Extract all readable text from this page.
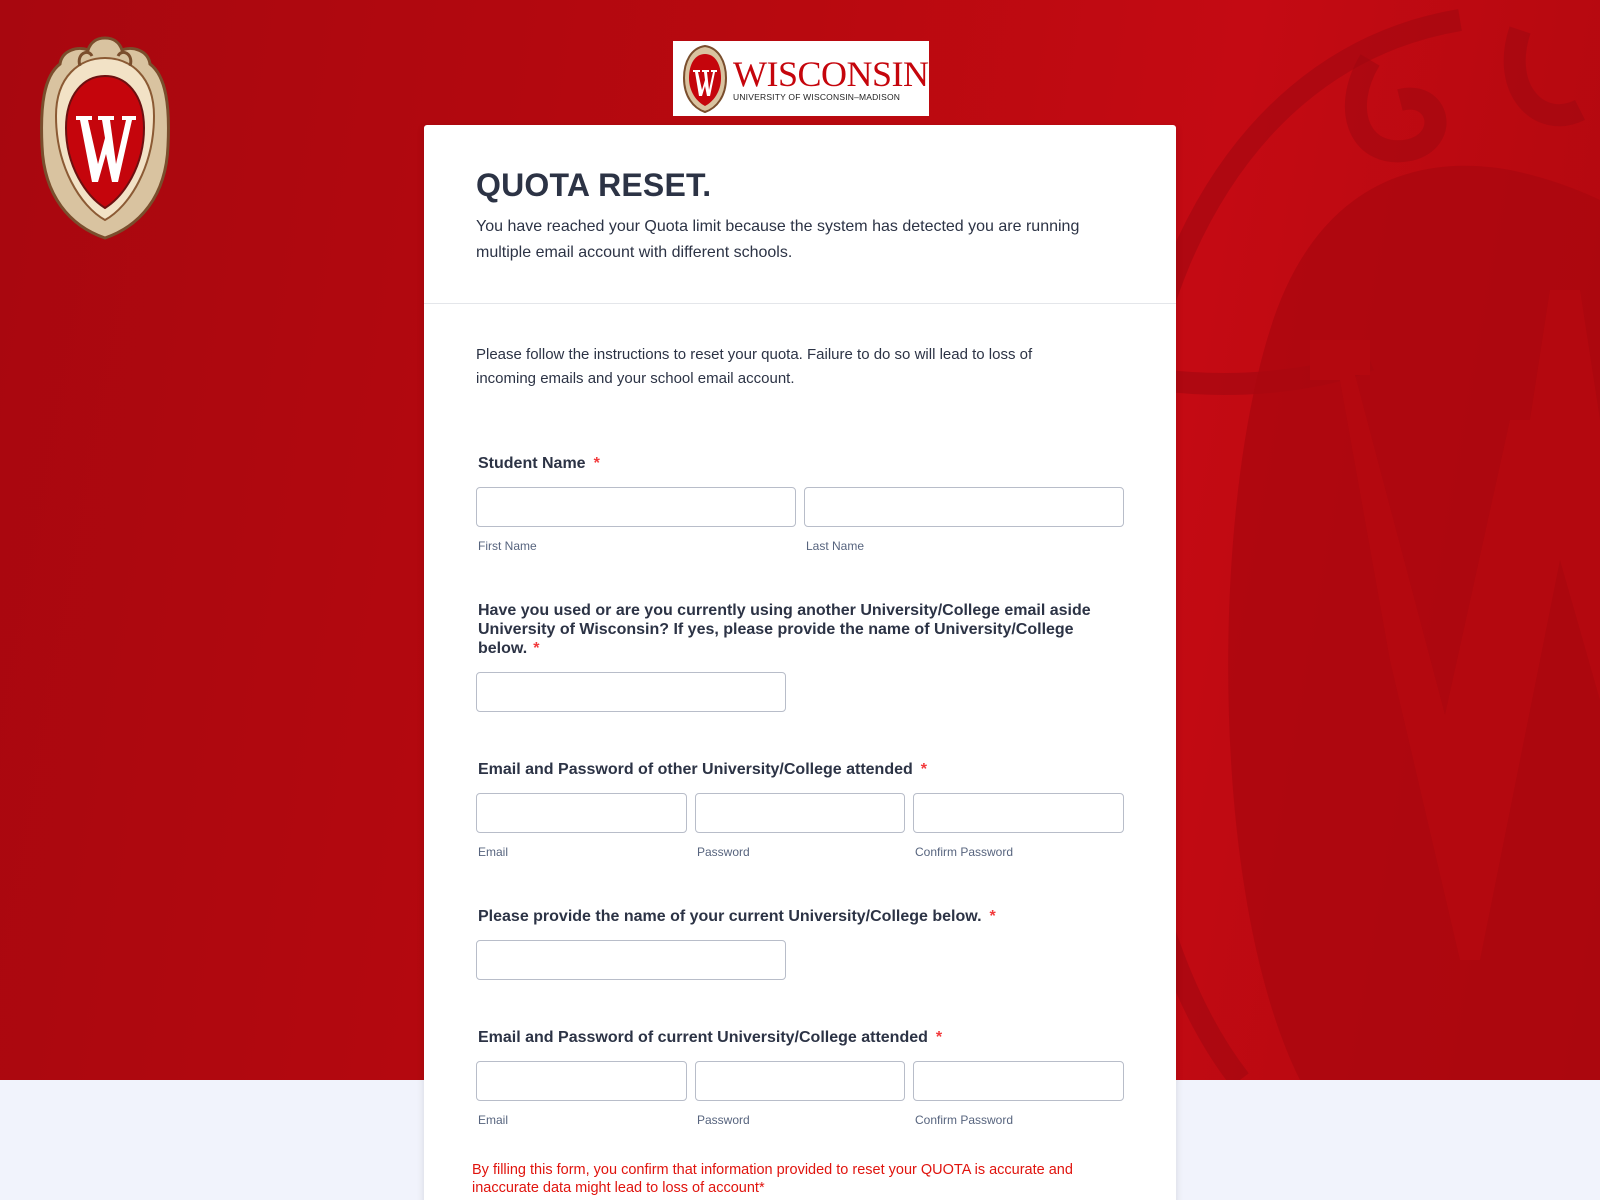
WISCONSIN
UNIVERSITY OF WISCONSIN–MADISON
QUOTA RESET.

You have reached your Quota limit because the system has detected you are running multiple email account with different schools.

Please follow the instructions to reset your quota. Failure to do so will lead to loss of incoming emails and your school email account.

Student Name *
First Name	Last Name
Have you used or are you currently using another University/College email aside University of Wisconsin? If yes, please provide the name of University/College below. *
Email and Password of other University/College attended *
Email	Password	Confirm Password
Please provide the name of your current University/College below. *
Email and Password of current University/College attended *
Email	Password	Confirm Password

By filling this form, you confirm that information provided to reset your QUOTA is accurate and inaccurate data might lead to loss of account*
